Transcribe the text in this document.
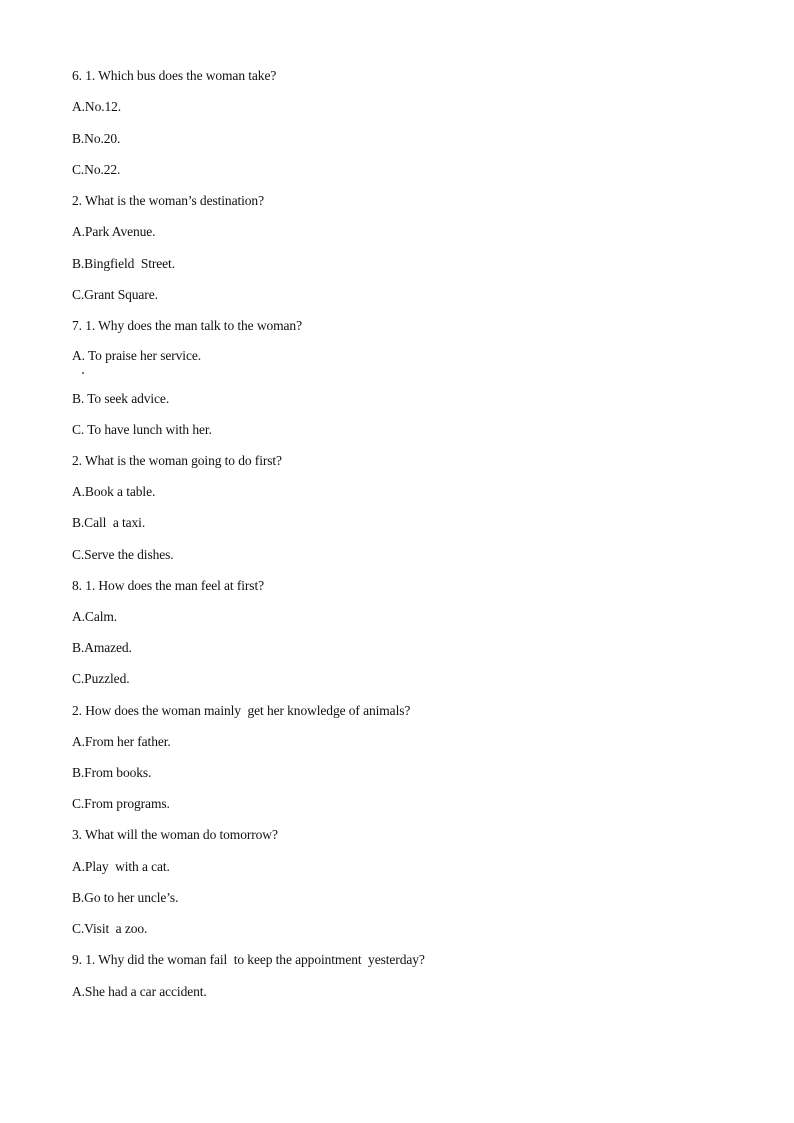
6. 1. Which bus does the woman take?
A.No.12.
B.No.20.
C.No.22.
2. What is the woman’s destination?
A.Park Avenue.
B.Bingfield  Street.
C.Grant Square.
7. 1. Why does the man talk to the woman?
A. To praise her service.
B. To seek advice.
C. To have lunch with her.
2. What is the woman going to do first?
A.Book a table.
B.Call  a taxi.
C.Serve the dishes.
8. 1. How does the man feel at first?
A.Calm.
B.Amazed.
C.Puzzled.
2. How does the woman mainly  get her knowledge of animals?
A.From her father.
B.From books.
C.From programs.
3. What will the woman do tomorrow?
A.Play  with a cat.
B.Go to her uncle’s.
C.Visit  a zoo.
9. 1. Why did the woman fail  to keep the appointment  yesterday?
A.She had a car accident.
